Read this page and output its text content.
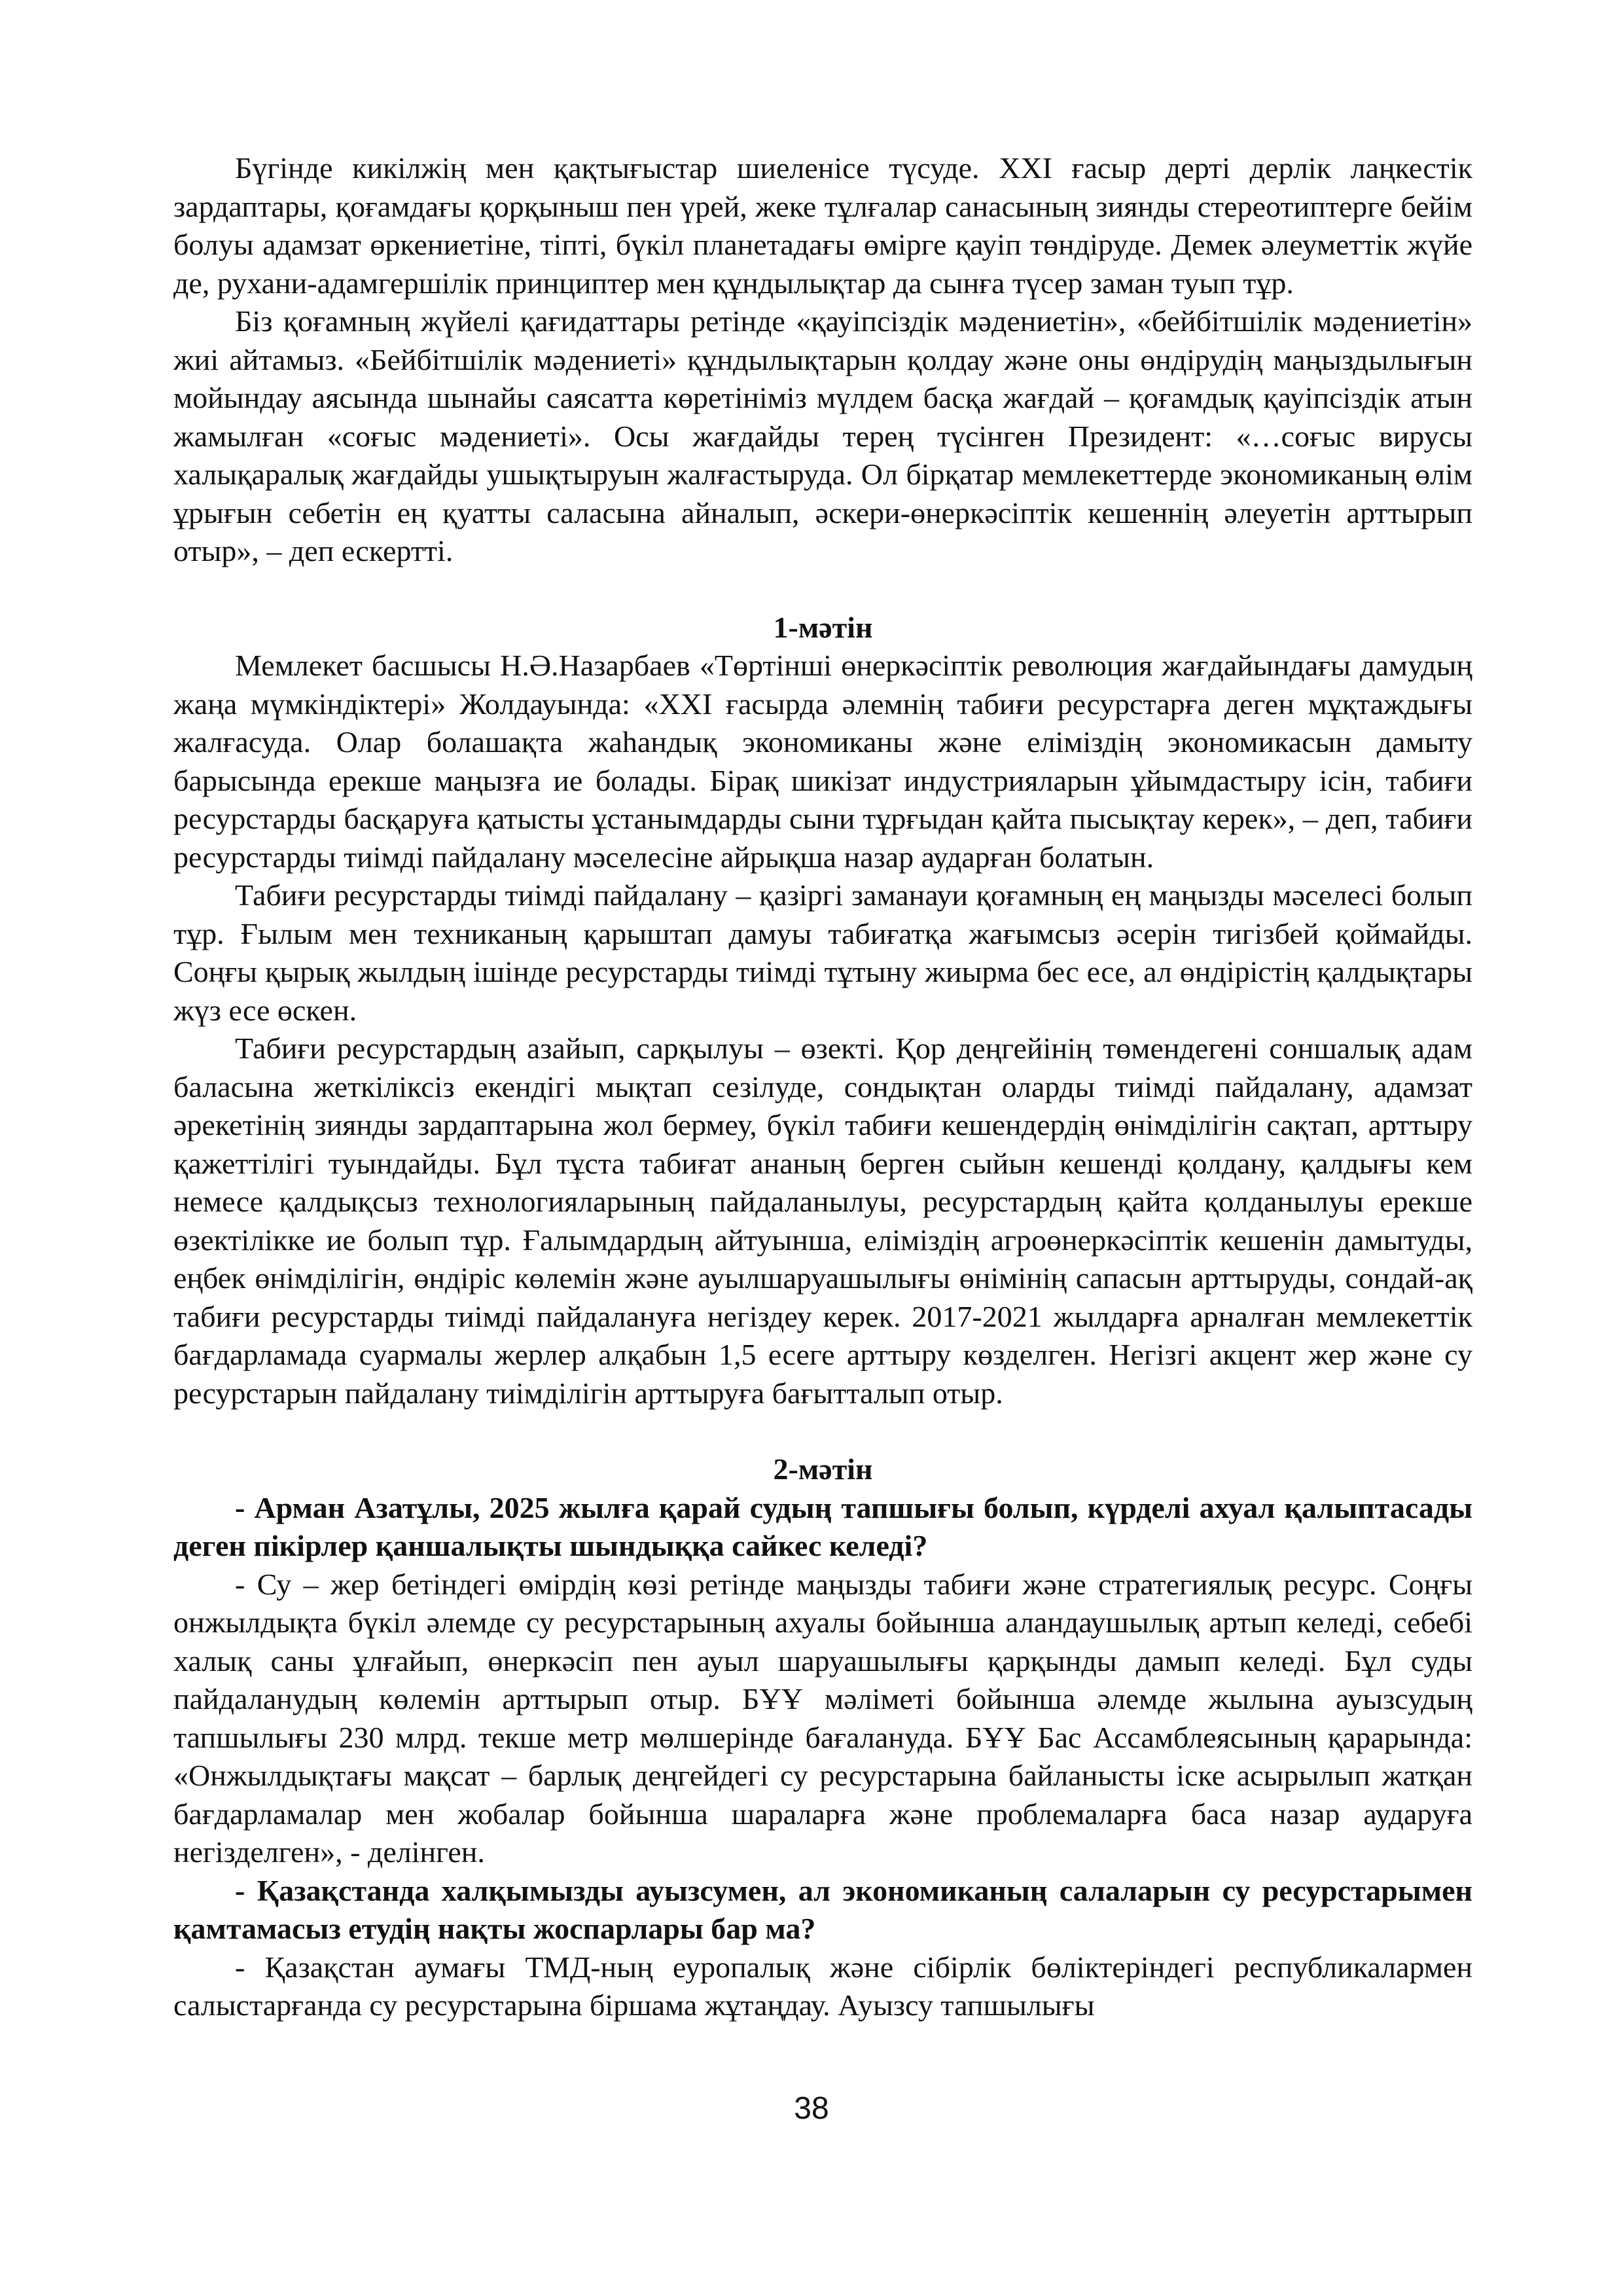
Бүгінде кикілжің мен қақтығыстар шиеленісе түсуде. XXI ғасыр дерті дерлік лаңкестік зардаптары, қоғамдағы қорқыныш пен үрей, жеке тұлғалар санасының зиянды стереотиптерге бейім болуы адамзат өркениетіне, тіпті, бүкіл планетадағы өмірге қауіп төндіруде. Демек әлеуметтік жүйе де, рухани-адамгершілік принциптер мен құндылықтар да сынға түсер заман туып тұр.

Біз қоғамның жүйелі қағидаттары ретінде «қауіпсіздік мәдениетін», «бейбітшілік мәдениетін» жиі айтамыз. «Бейбітшілік мәдениеті» құндылықтарын қолдау және оны өндірудің маңыздылығын мойындау аясында шынайы саясатта көретініміз мүлдем басқа жағдай – қоғамдық қауіпсіздік атын жамылған «соғыс мәдениеті». Осы жағдайды терең түсінген Президент: «…соғыс вирусы халықаралық жағдайды ушықтыруын жалғастыруда. Ол бірқатар мемлекеттерде экономиканың өлім ұрығын себетін ең қуатты саласына айналып, әскери-өнеркәсіптік кешеннің әлеуетін арттырып отыр», – деп ескертті.

1-мәтін

Мемлекет басшысы Н.Ә.Назарбаев «Төртінші өнеркәсіптік революция жағдайындағы дамудың жаңа мүмкіндіктері» Жолдауында: «XXI ғасырда әлемнің табиғи ресурстарға деген мұқтаждығы жалғасуда. Олар болашақта жаһандық экономиканы және еліміздің экономикасын дамыту барысында ерекше маңызға ие болады. Бірақ шикізат индустрияларын ұйымдастыру ісін, табиғи ресурстарды басқаруға қатысты ұстанымдарды сыни тұрғыдан қайта пысықтау керек», – деп, табиғи ресурстарды тиімді пайдалану мәселесіне айрықша назар аударған болатын.

Табиғи ресурстарды тиімді пайдалану – қазіргі заманауи қоғамның ең маңызды мәселесі болып тұр. Ғылым мен техниканың қарыштап дамуы табиғатқа жағымсыз әсерін тигізбей қоймайды. Соңғы қырық жылдың ішінде ресурстарды тиімді тұтыну жиырма бес есе, ал өндірістің қалдықтары жүз есе өскен.

Табиғи ресурстардың азайып, сарқылуы – өзекті. Қор деңгейінің төмендегені соншалық адам баласына жеткіліксіз екендігі мықтап сезілуде, сондықтан оларды тиімді пайдалану, адамзат әрекетінің зиянды зардаптарына жол бермеу, бүкіл табиғи кешендердің өнімділігін сақтап, арттыру қажеттілігі туындайды. Бұл тұста табиғат ананың берген сыйын кешенді қолдану, қалдығы кем немесе қалдықсыз технологияларының пайдаланылуы, ресурстардың қайта қолданылуы ерекше өзектілікке ие болып тұр. Ғалымдардың айтуынша, еліміздің агроөнеркәсіптік кешенін дамытуды, еңбек өнімділігін, өндіріс көлемін және ауылшаруашылығы өнімінің сапасын арттыруды, сондай-ақ табиғи ресурстарды тиімді пайдалануға негіздеу керек. 2017-2021 жылдарға арналған мемлекеттік бағдарламада суармалы жерлер алқабын 1,5 есеге арттыру көзделген. Негізгі акцент жер және су ресурстарын пайдалану тиімділігін арттыруға бағытталып отыр.

2-мәтін

- Арман Азатұлы, 2025 жылға қарай судың тапшығы болып, күрделі ахуал қалыптасады деген пікірлер қаншалықты шындыққа сайкес келеді?

- Су – жер бетіндегі өмірдің көзі ретінде маңызды табиғи және стратегиялық ресурс. Соңғы онжылдықта бүкіл әлемде су ресурстарының ахуалы бойынша аландаушылық артып келеді, себебі халық саны ұлғайып, өнеркәсіп пен ауыл шаруашылығы қарқынды дамып келеді. Бұл суды пайдаланудың көлемін арттырып отыр. БҰҰ мәліметі бойынша әлемде жылына ауызсудың тапшылығы 230 млрд. текше метр мөлшерінде бағалануда. БҰҰ Бас Ассамблеясының қарарында: «Онжылдықтағы мақсат – барлық деңгейдегі су ресурстарына байланысты іске асырылып жатқан бағдарламалар мен жобалар бойынша шараларға және проблемаларға баса назар аударуға негізделген», - делінген.

- Қазақстанда халқымызды ауызсумен, ал экономиканың салаларын су ресурстарымен қамтамасыз етудің нақты жоспарлары бар ма?

- Қазақстан аумағы ТМД-ның еуропалық және сібірлік бөліктеріндегі республикалармен салыстарғанда су ресурстарына біршама жұтаңдау. Ауызсу тапшылығы

38
